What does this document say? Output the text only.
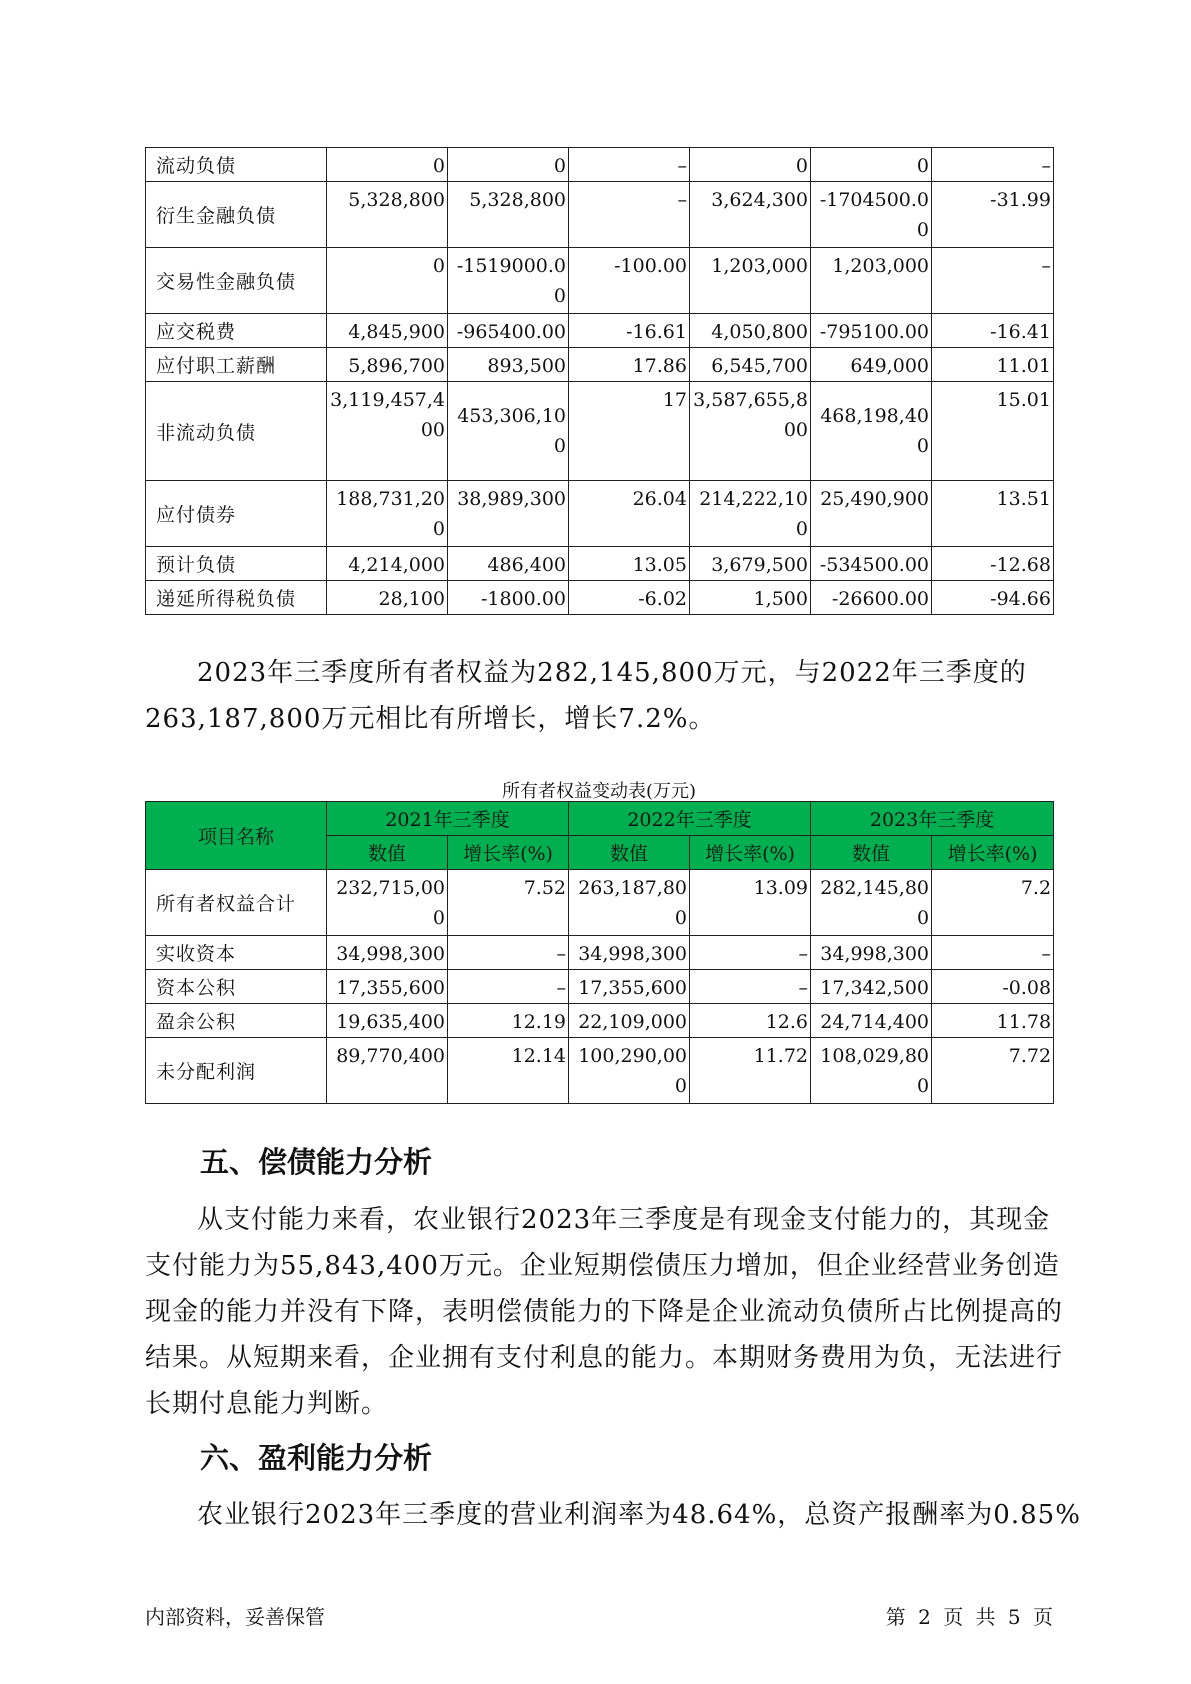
流动负债	0	0	–	0	0	–
衍生金融负债	5,328,800	5,328,800	–	3,624,300	-1704500.00	-31.99
交易性金融负债	0	-1519000.00	-100.00	1,203,000	1,203,000	–
应交税费	4,845,900	-965400.00	-16.61	4,050,800	-795100.00	-16.41
应付职工薪酬	5,896,700	893,500	17.86	6,545,700	649,000	11.01
非流动负债	3,119,457,400	453,306,100	17	3,587,655,800	468,198,400	15.01
应付债券	188,731,200	38,989,300	26.04	214,222,100	25,490,900	13.51
预计负债	4,214,000	486,400	13.05	3,679,500	-534500.00	-12.68
递延所得税负债	28,100	-1800.00	-6.02	1,500	-26600.00	-94.66

2023年三季度所有者权益为282,145,800万元，与2022年三季度的263,187,800万元相比有所增长，增长7.2%。

所有者权益变动表(万元)
项目名称	2021年三季度		2022年三季度		2023年三季度	
	数值	增长率(%)	数值	增长率(%)	数值	增长率(%)
所有者权益合计	232,715,000	7.52	263,187,800	13.09	282,145,800	7.2
实收资本	34,998,300	–	34,998,300	–	34,998,300	–
资本公积	17,355,600	–	17,355,600	–	17,342,500	-0.08
盈余公积	19,635,400	12.19	22,109,000	12.6	24,714,400	11.78
未分配利润	89,770,400	12.14	100,290,000	11.72	108,029,800	7.72
五、偿债能力分析

从支付能力来看，农业银行2023年三季度是有现金支付能力的，其现金支付能力为55,843,400万元。企业短期偿债压力增加，但企业经营业务创造现金的能力并没有下降，表明偿债能力的下降是企业流动负债所占比例提高的结果。从短期来看，企业拥有支付利息的能力。本期财务费用为负，无法进行长期付息能力判断。

六、盈利能力分析

农业银行2023年三季度的营业利润率为48.64%，总资产报酬率为0.85%

内部资料，妥善保管	第 2 页 共 5 页
